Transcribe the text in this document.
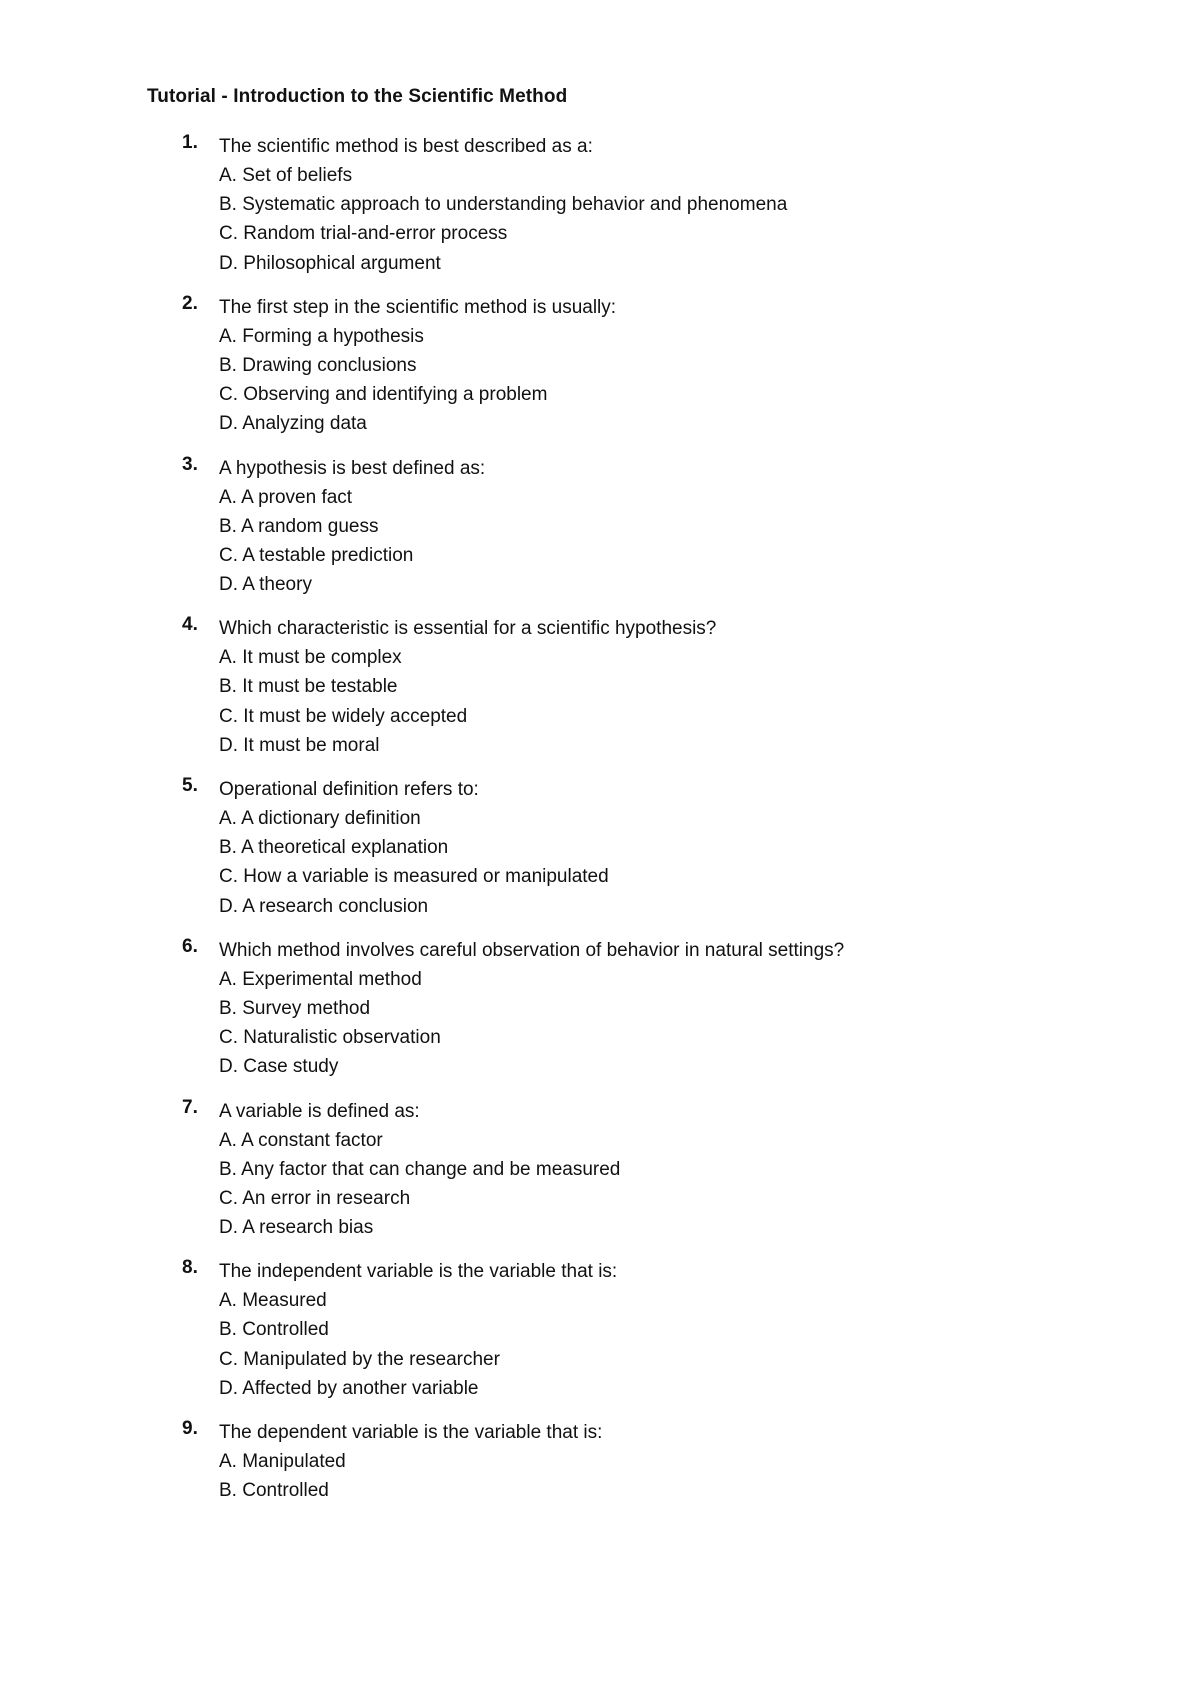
Tutorial - Introduction to the Scientific Method
1. The scientific method is best described as a:
A. Set of beliefs
B. Systematic approach to understanding behavior and phenomena
C. Random trial-and-error process
D. Philosophical argument
2. The first step in the scientific method is usually:
A. Forming a hypothesis
B. Drawing conclusions
C. Observing and identifying a problem
D. Analyzing data
3. A hypothesis is best defined as:
A. A proven fact
B. A random guess
C. A testable prediction
D. A theory
4. Which characteristic is essential for a scientific hypothesis?
A. It must be complex
B. It must be testable
C. It must be widely accepted
D. It must be moral
5. Operational definition refers to:
A. A dictionary definition
B. A theoretical explanation
C. How a variable is measured or manipulated
D. A research conclusion
6. Which method involves careful observation of behavior in natural settings?
A. Experimental method
B. Survey method
C. Naturalistic observation
D. Case study
7. A variable is defined as:
A. A constant factor
B. Any factor that can change and be measured
C. An error in research
D. A research bias
8. The independent variable is the variable that is:
A. Measured
B. Controlled
C. Manipulated by the researcher
D. Affected by another variable
9. The dependent variable is the variable that is:
A. Manipulated
B. Controlled
